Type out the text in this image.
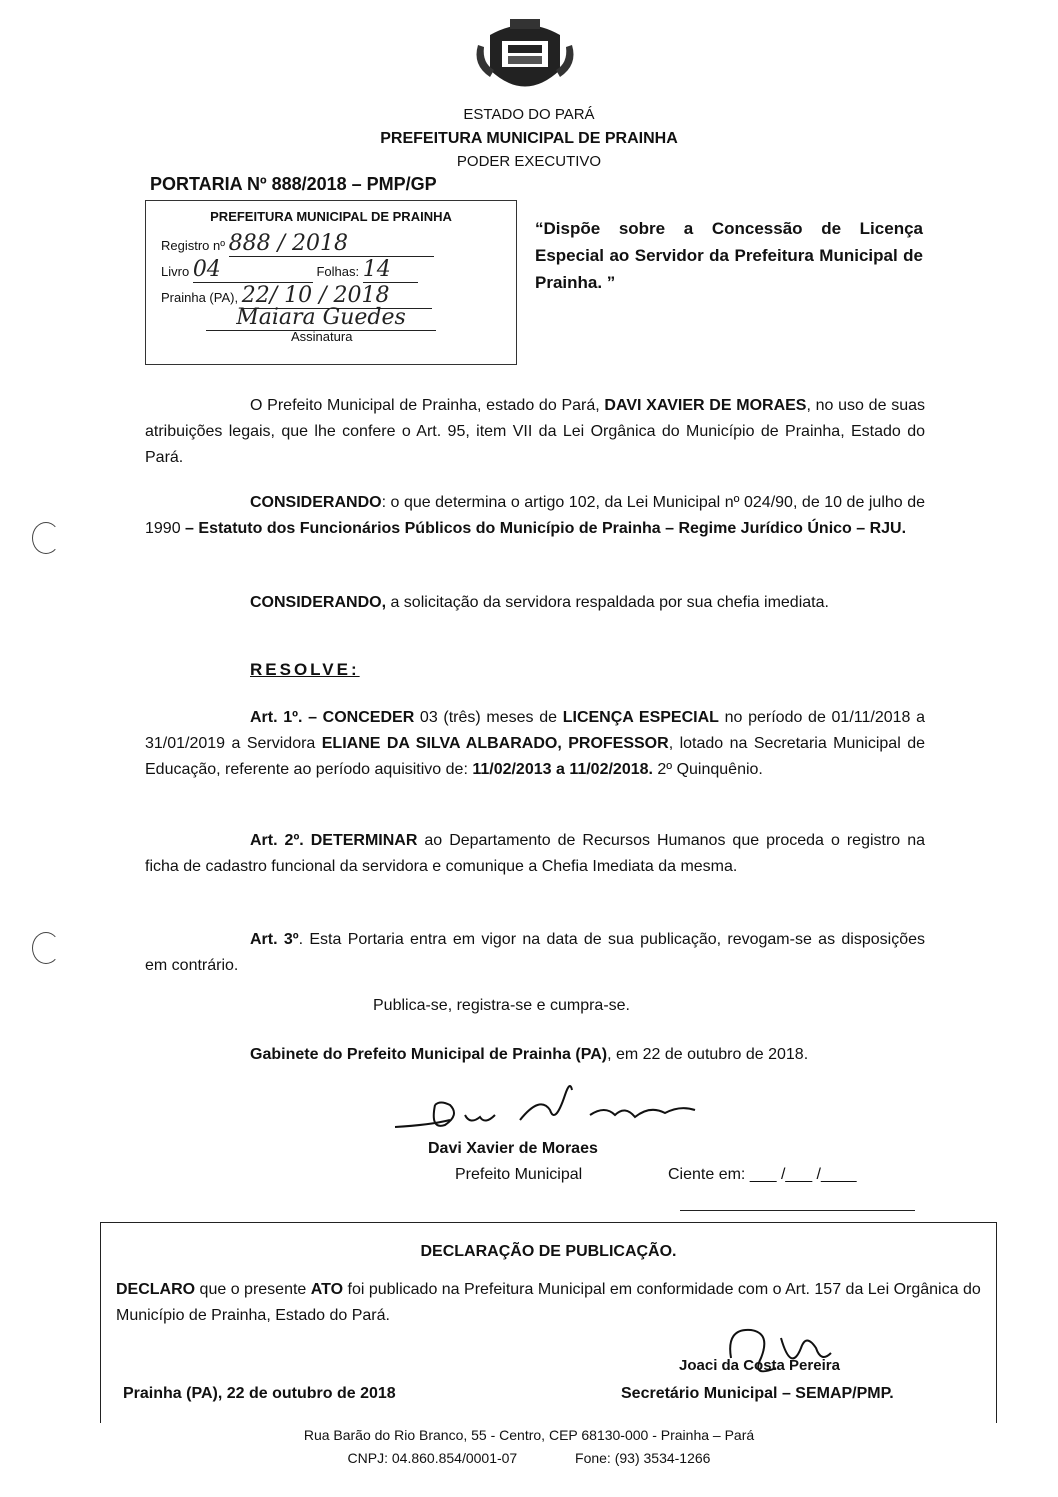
ESTADO DO PARÁ
PREFEITURA MUNICIPAL DE PRAINHA
PODER EXECUTIVO
PORTARIA Nº 888/2018 – PMP/GP
PREFEITURA MUNICIPAL DE PRAINHA
Registro nº 888 / 2018
Livro 04	Folhas: 14
Prainha (PA), 22/ 10 / 2018
Maiara Guedes
Assinatura
“Dispõe sobre a Concessão de Licença Especial ao Servidor da Prefeitura Municipal de Prainha. ”
O Prefeito Municipal de Prainha, estado do Pará, DAVI XAVIER DE MORAES, no uso de suas atribuições legais, que lhe confere o Art. 95, item VII da Lei Orgânica do Município de Prainha, Estado do Pará.
CONSIDERANDO: o que determina o artigo 102, da Lei Municipal nº 024/90, de 10 de julho de 1990 – Estatuto dos Funcionários Públicos do Município de Prainha – Regime Jurídico Único – RJU.
CONSIDERANDO, a solicitação da servidora respaldada por sua chefia imediata.
RESOLVE:
Art. 1º. – CONCEDER 03 (três) meses de LICENÇA ESPECIAL no período de 01/11/2018 a 31/01/2019 a Servidora ELIANE DA SILVA ALBARADO, PROFESSOR, lotado na Secretaria Municipal de Educação, referente ao período aquisitivo de: 11/02/2013 a 11/02/2018. 2º Quinquênio.
Art. 2º. DETERMINAR ao Departamento de Recursos Humanos que proceda o registro na ficha de cadastro funcional da servidora e comunique a Chefia Imediata da mesma.
Art. 3º. Esta Portaria entra em vigor na data de sua publicação, revogam-se as disposições em contrário.
Publica-se, registra-se e cumpra-se.
Gabinete do Prefeito Municipal de Prainha (PA), em 22 de outubro de 2018.
Davi Xavier de Moraes
Prefeito Municipal	Ciente em: ___ /___ /____
DECLARAÇÃO DE PUBLICAÇÃO.
DECLARO que o presente ATO foi publicado na Prefeitura Municipal em conformidade com o Art. 157 da Lei Orgânica do Município de Prainha, Estado do Pará.
Joaci da Costa Pereira
Prainha (PA), 22 de outubro de 2018	Secretário Municipal – SEMAP/PMP.
Rua Barão do Rio Branco, 55 - Centro, CEP 68130-000 - Prainha – Pará
CNPJ: 04.860.854/0001-07	Fone: (93) 3534-1266
